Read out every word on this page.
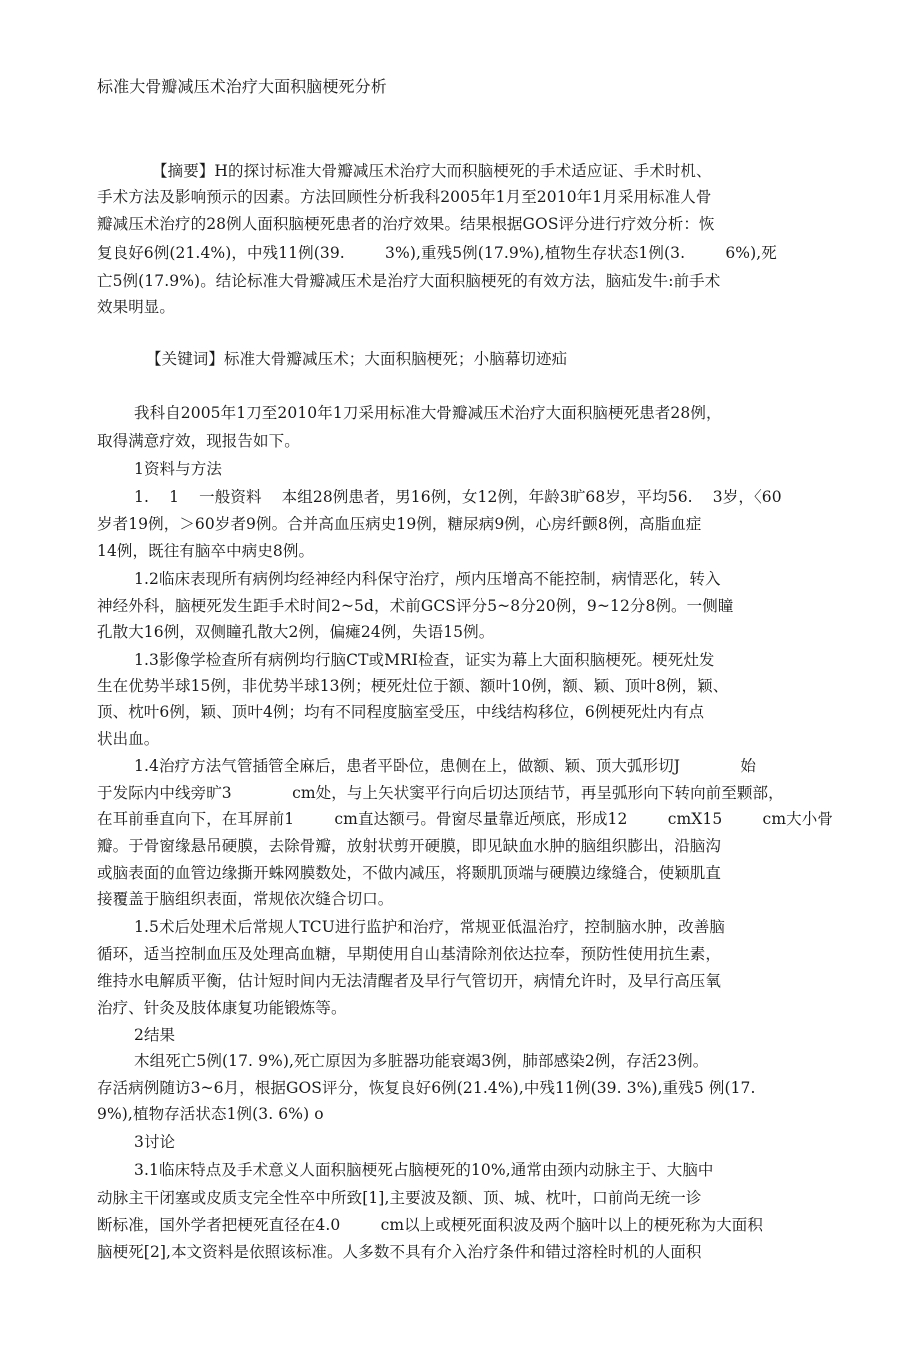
标准大骨瓣减压术治疗大面积脑梗死分析
【摘要】H的探讨标准大骨瓣减压术治疗大而积脑梗死的手术适应证、手术时机、
手术方法及影响预示的因素。方法回顾性分析我科2005年1月至2010年1月采用标准人骨
瓣减压术治疗的28例人面积脑梗死患者的治疗效果。结果根据GOS评分进行疗效分析：恢
复良好6例(21.4%)，中残11例(39.        3%),重残5例(17.9%),植物生存状态1例(3.        6%),死
亡5例(17.9%)。结论标准大骨瓣减压术是治疗大面积脑梗死的有效方法，脑疝发牛:前手术
效果明显。
【关键词】标准大骨瓣减压术；大面积脑梗死；小脑幕切迹疝
我科自2005年1刀至2010年1刀采用标准大骨瓣减压术治疗大面积脑梗死患者28例，
取得满意疗效，现报告如下。
1资料与方法
1.    1    一般资料    本组28例患者，男16例，女12例，年龄3旷68岁，平均56.    3岁，〈60
岁者19例，＞60岁者9例。合并高血压病史19例，糖尿病9例，心房纤颤8例，高脂血症
14例，既往有脑卒中病史8例。
1.2临床表现所有病例均经神经内科保守治疗，颅内压增高不能控制，病情恶化，转入
神经外科，脑梗死发生距手术时间2~5d，术前GCS评分5~8分20例，9~12分8例。一侧瞳
孔散大16例，双侧瞳孔散大2例，偏瘫24例，失语15例。
1.3影像学检查所有病例均行脑CT或MRI检查，证实为幕上大面积脑梗死。梗死灶发
生在优势半球15例，非优势半球13例；梗死灶位于额、额叶10例，额、颖、顶叶8例，颖、
顶、枕叶6例，颖、顶叶4例；均有不同程度脑室受压，中线结构移位，6例梗死灶内有点
状出血。
1.4治疗方法气管插管全麻后，患者平卧位，患侧在上，做额、颖、顶大弧形切J            始
于发际内中线旁旷3            cm处，与上矢状窦平行向后切达顶结节，再呈弧形向下转向前至颗部，
在耳前垂直向下，在耳屏前1        cm直达额弓。骨窗尽量靠近颅底，形成12        cmX15        cm大小骨
瓣。于骨窗缘悬吊硬膜，去除骨瓣，放射状剪开硬膜，即见缺血水肿的脑组织膨出，沿脑沟
或脑表面的血管边缘撕开蛛网膜数处，不做内减压，将颞肌顶端与硬膜边缘缝合，使颖肌直
接覆盖于脑组织表面，常规依次缝合切口。
1.5术后处理术后常规人TCU进行监护和治疗，常规亚低温治疗，控制脑水肿，改善脑
循环，适当控制血压及处理高血糖，早期使用自山基清除剂依达拉奉，预防性使用抗生素，
维持水电解质平衡，估计短时间内无法清醒者及早行气管切开，病情允许时，及早行高压氧
治疗、针灸及肢体康复功能锻炼等。
2结果
木组死亡5例(17. 9%),死亡原因为多脏器功能衰竭3例，肺部感染2例，存活23例。
存活病例随访3~6月，根据GOS评分，恢复良好6例(21.4%),中残11例(39. 3%),重残5 例(17.
9%),植物存活状态1例(3. 6%) o
3讨论
3.1临床特点及手术意义人面积脑梗死占脑梗死的10%,通常由颈内动脉主于、大脑中
动脉主干闭塞或皮质支完全性卒中所致[1],主要波及额、顶、城、枕叶，口前尚无统一诊
断标准，国外学者把梗死直径在4.0        cm以上或梗死面积波及两个脑叶以上的梗死称为大面积
脑梗死[2],本文资料是依照该标准。人多数不具有介入治疗条件和错过溶栓时机的人面积
